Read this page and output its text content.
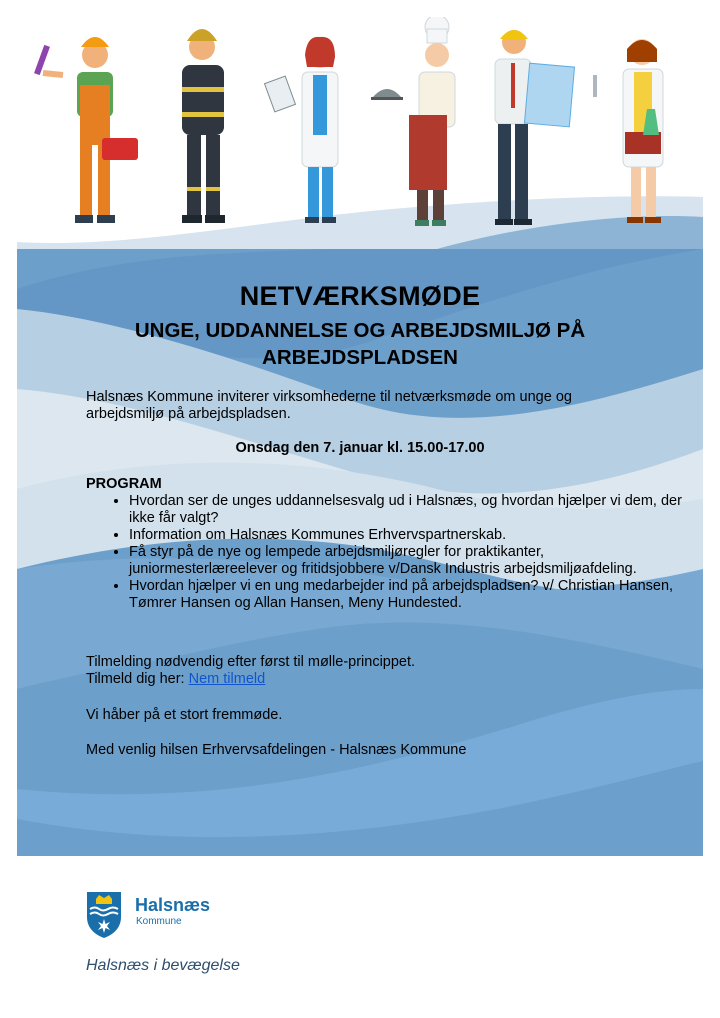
NETVÆRKSMØDE
UNGE, UDDANNELSE OG ARBEJDSMILJØ PÅ ARBEJDSPLADSEN
Halsnæs Kommune inviterer virksomhederne til netværksmøde om unge og arbejdsmiljø på arbejdspladsen.
Onsdag den 7. januar kl. 15.00-17.00
PROGRAM
• Hvordan ser de unges uddannelsesvalg ud i Halsnæs, og hvordan hjælper vi dem, der ikke får valgt?
• Information om Halsnæs Kommunes Erhvervspartnerskab.
• Få styr på de nye og lempede arbejdsmiljøregler for praktikanter, juniormesterlæreelever og fritidsjobbere v/Dansk Industris arbejdsmiljøafdeling.
• Hvordan hjælper vi en ung medarbejder ind på arbejdspladsen? v/ Christian Hansen, Tømrer Hansen og Allan Hansen, Meny Hundested.
Tilmelding nødvendig efter først til mølle-princippet.
Tilmeld dig her: Nem tilmeld
Vi håber på et stort fremmøde.
Med venlig hilsen Erhvervsafdelingen - Halsnæs Kommune
Halsnæs
Kommune
Halsnæs i bevægelse
